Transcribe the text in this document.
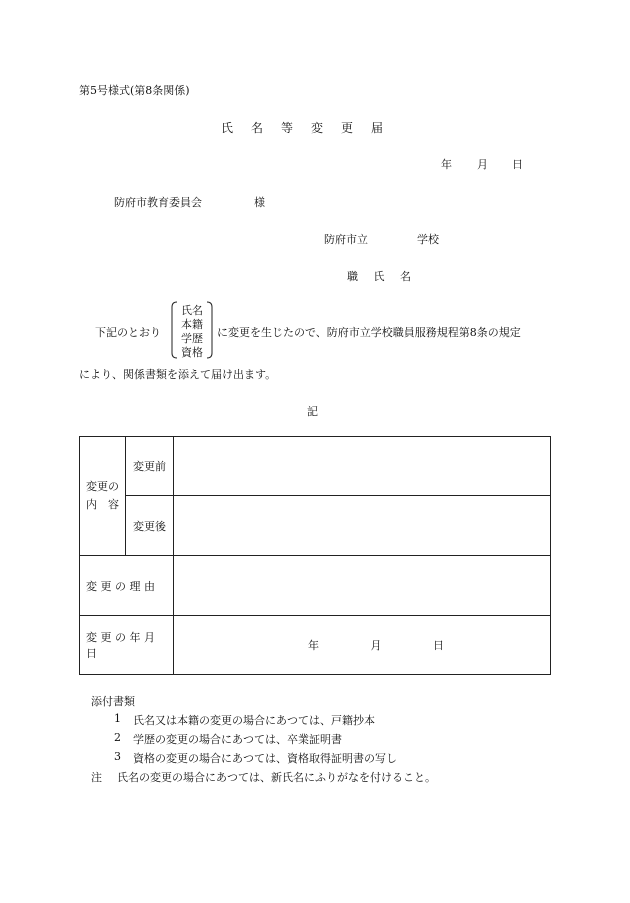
第5号様式(第8条関係)
氏名等変更届
年 月 日
防府市教育委員会	様
防府市立	学校
職 氏 名
下記のとおり
氏名
本籍
学歴
資格
に変更を生じたので、防府市立学校職員服務規程第8条の規定
により、関係書類を添えて届け出ます。
記
変更の
内　容	変更前	
	変更後	
変 更 の 理 由		
変 更 の 年 月 日		年 月 日
添付書類
1 氏名又は本籍の変更の場合にあつては、戸籍抄本
2 学歴の変更の場合にあつては、卒業証明書
3 資格の変更の場合にあつては、資格取得証明書の写し
注 氏名の変更の場合にあつては、新氏名にふりがなを付けること。
